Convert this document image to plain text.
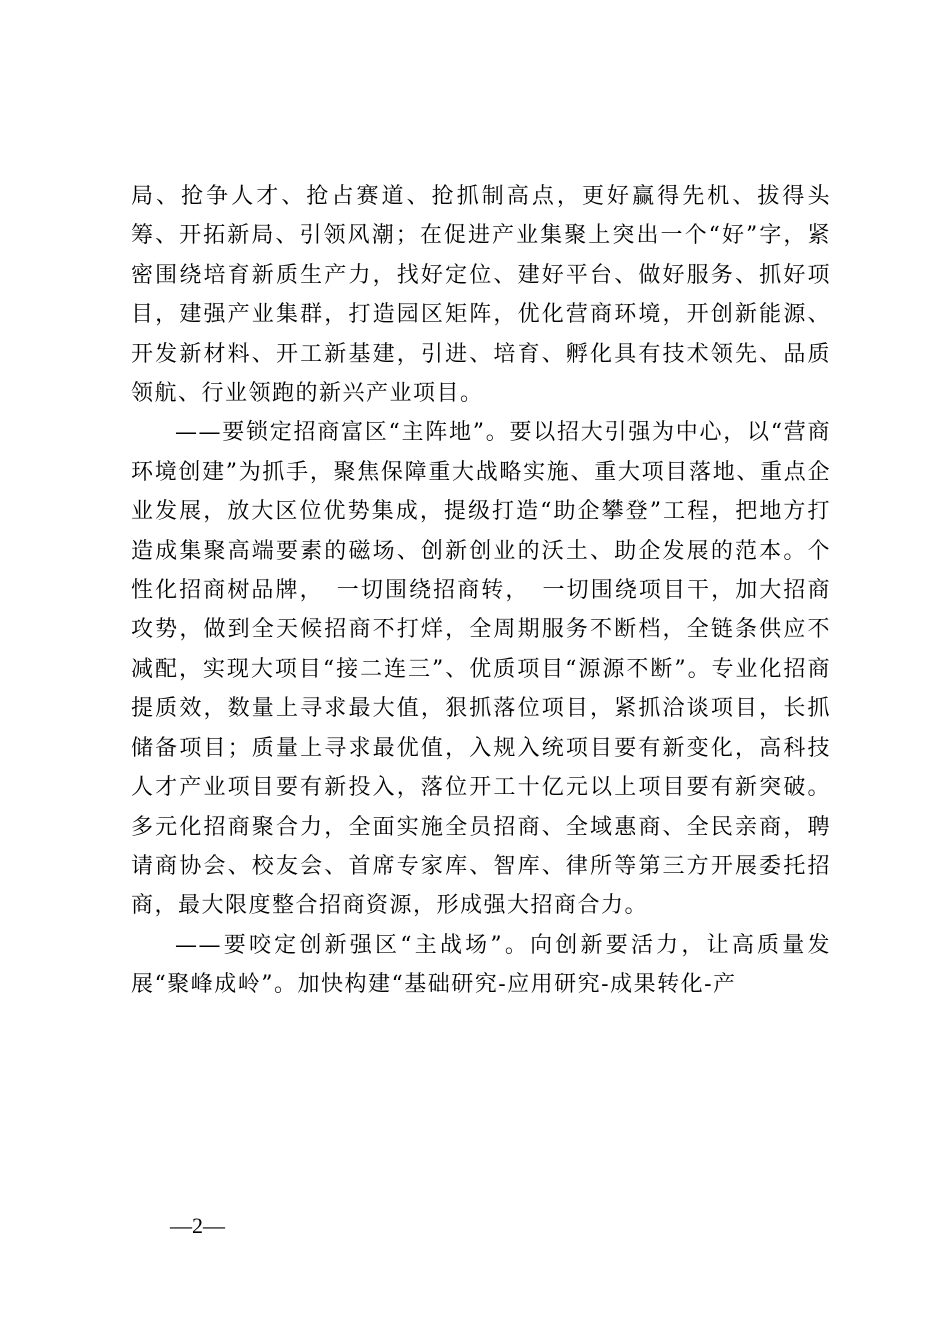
局、抢争人才、抢占赛道、抢抓制高点，更好赢得先机、拔得头筹、开拓新局、引领风潮；在促进产业集聚上突出一个“好”字，紧密围绕培育新质生产力，找好定位、建好平台、做好服务、抓好项目，建强产业集群，打造园区矩阵，优化营商环境，开创新能源、开发新材料、开工新基建，引进、培育、孵化具有技术领先、品质领航、行业领跑的新兴产业项目。

——要锁定招商富区“主阵地”。要以招大引强为中心，以“营商环境创建”为抓手，聚焦保障重大战略实施、重大项目落地、重点企业发展，放大区位优势集成，提级打造“助企攀登”工程，把地方打造成集聚高端要素的磁场、创新创业的沃土、助企发展的范本。个性化招商树品牌，　一切围绕招商转，　一切围绕项目干，加大招商攻势，做到全天候招商不打烊，全周期服务不断档，全链条供应不减配，实现大项目“接二连三”、优质项目“源源不断”。专业化招商提质效，数量上寻求最大值，狠抓落位项目，紧抓洽谈项目，长抓储备项目；质量上寻求最优值，入规入统项目要有新变化，高科技人才产业项目要有新投入，落位开工十亿元以上项目要有新突破。多元化招商聚合力，全面实施全员招商、全域惠商、全民亲商，聘请商协会、校友会、首席专家库、智库、律所等第三方开展委托招商，最大限度整合招商资源，形成强大招商合力。

——要咬定创新强区“主战场”。向创新要活力，让高质量发展“聚峰成岭”。加快构建“基础研究-应用研究-成果转化-产

—2—
